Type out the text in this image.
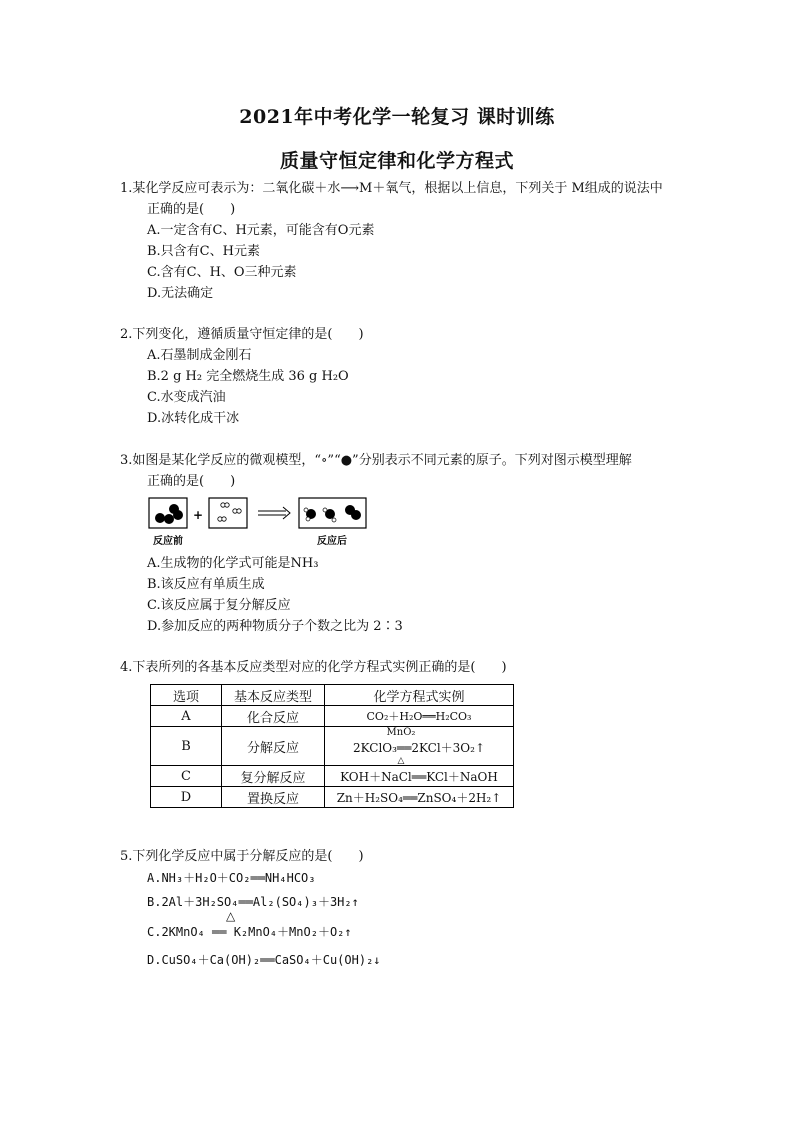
2021年中考化学一轮复习 课时训练
质量守恒定律和化学方程式

1.某化学反应可表示为：二氧化碳＋水⟶M＋氧气，根据以上信息，下列关于 M组成的说法中

正确的是(　　)

A.一定含有C、H元素，可能含有O元素

B.只含有C、H元素

C.含有C、H、O三种元素

D.无法确定

2.下列变化，遵循质量守恒定律的是(　　)

A.石墨制成金刚石

B.2 g H₂ 完全燃烧生成 36 g H₂O

C.水变成汽油

D.冰转化成干冰

3.如图是某化学反应的微观模型，“∘”“●”分别表示不同元素的原子。下列对图示模型理解

正确的是(　　)

+
反应前	反应后

A.生成物的化学式可能是NH₃

B.该反应有单质生成

C.该反应属于复分解反应

D.参加反应的两种物质分子个数之比为 2∶3

4.下表所列的各基本反应类型对应的化学方程式实例正确的是(　　)

选项	基本反应类型	化学方程式实例
A	化合反应	CO₂＋H₂O══H₂CO₃
B	分解反应	MnO₂
2KClO₃══2KCl＋3O₂↑
△

C	复分解反应	KOH＋NaCl══KCl＋NaOH
D	置换反应	Zn＋H₂SO₄══ZnSO₄＋2H₂↑
5.下列化学反应中属于分解反应的是(　　)
A.NH₃＋H₂O＋CO₂══NH₄HCO₃
B.2Al＋3H₂SO₄══Al₂(SO₄)₃＋3H₂↑
△
C.2KMnO₄ ══ K₂MnO₄＋MnO₂＋O₂↑
D.CuSO₄＋Ca(OH)₂══CaSO₄＋Cu(OH)₂↓
